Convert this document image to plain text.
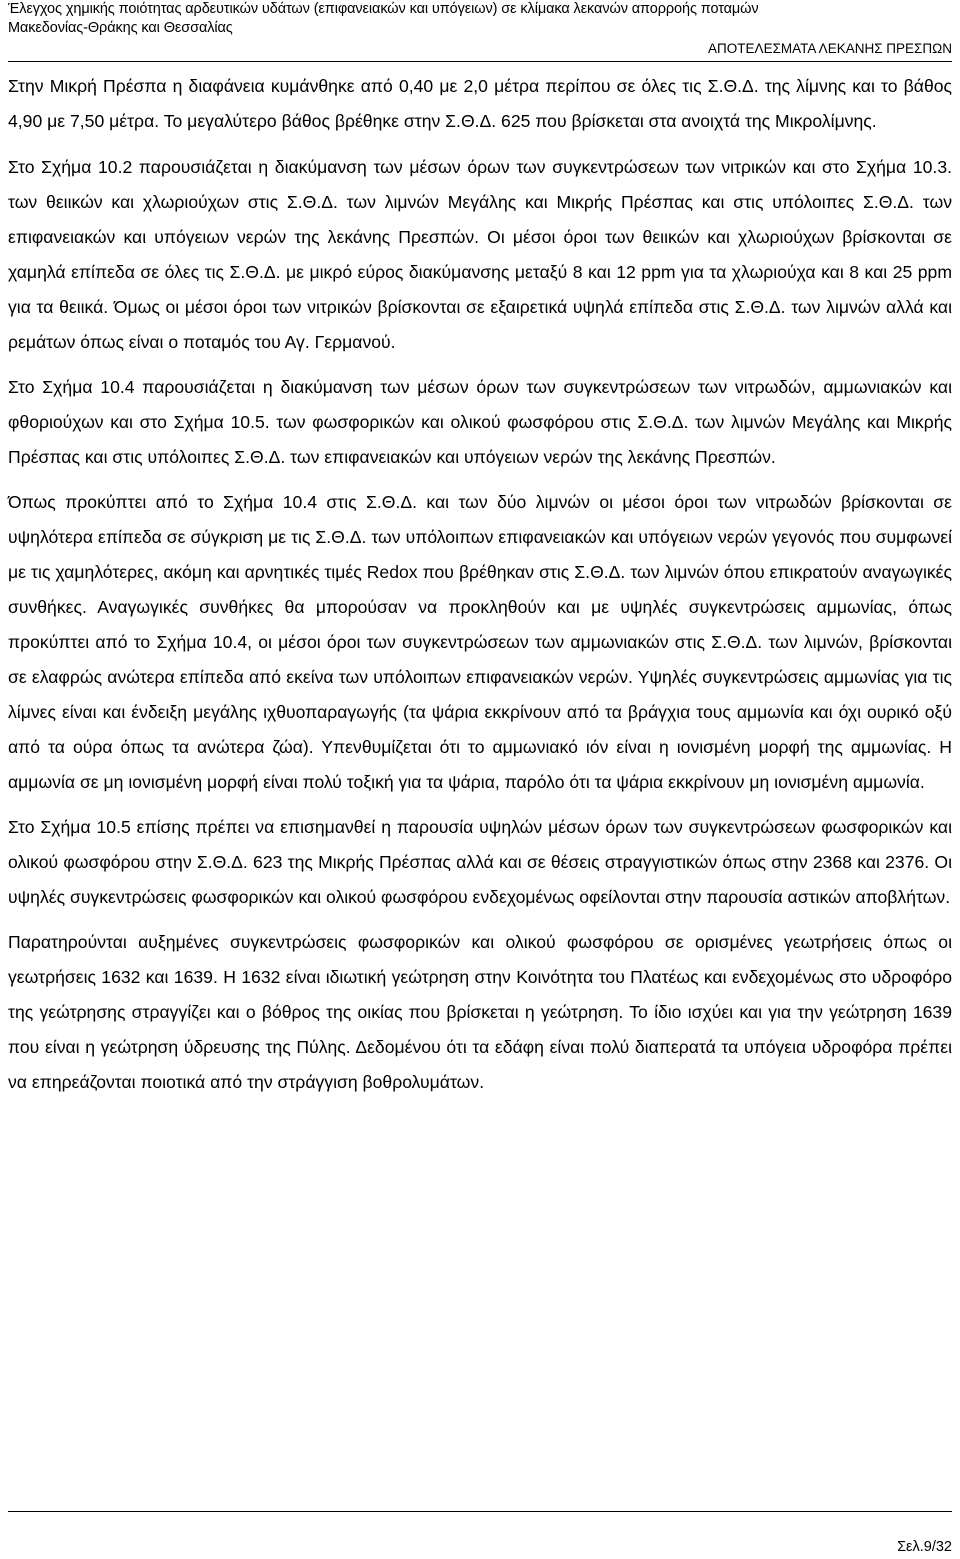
Έλεγχος χημικής ποιότητας αρδευτικών υδάτων (επιφανειακών και υπόγειων) σε κλίμακα λεκανών απορροής ποταμών
Μακεδονίας-Θράκης και Θεσσαλίας
ΑΠΟΤΕΛΕΣΜΑΤΑ ΛΕΚΑΝΗΣ ΠΡΕΣΠΩΝ

Στην Μικρή Πρέσπα η διαφάνεια κυμάνθηκε από 0,40 με 2,0 μέτρα περίπου σε όλες τις Σ.Θ.Δ. της λίμνης και το βάθος 4,90 με 7,50 μέτρα. Το μεγαλύτερο βάθος βρέθηκε στην Σ.Θ.Δ. 625 που βρίσκεται στα ανοιχτά της Μικρολίμνης.

Στο Σχήμα 10.2 παρουσιάζεται η διακύμανση των μέσων όρων των συγκεντρώσεων των νιτρικών και στο Σχήμα 10.3. των θειικών και χλωριούχων στις Σ.Θ.Δ. των λιμνών Μεγάλης και Μικρής Πρέσπας και στις υπόλοιπες Σ.Θ.Δ. των επιφανειακών και υπόγειων νερών της λεκάνης Πρεσπών. Οι μέσοι όροι των θειικών και χλωριούχων βρίσκονται σε χαμηλά επίπεδα σε όλες τις Σ.Θ.Δ. με μικρό εύρος διακύμανσης μεταξύ 8 και 12 ppm για τα χλωριούχα και 8 και 25 ppm για τα θειικά. Όμως οι μέσοι όροι των νιτρικών βρίσκονται σε εξαιρετικά υψηλά επίπεδα στις Σ.Θ.Δ. των λιμνών αλλά και ρεμάτων όπως είναι ο ποταμός του Αγ. Γερμανού.

Στο Σχήμα 10.4 παρουσιάζεται η διακύμανση των μέσων όρων των συγκεντρώσεων των νιτρωδών, αμμωνιακών και φθοριούχων και στο Σχήμα 10.5. των φωσφορικών και ολικού φωσφόρου στις Σ.Θ.Δ. των λιμνών Μεγάλης και Μικρής Πρέσπας και στις υπόλοιπες Σ.Θ.Δ. των επιφανειακών και υπόγειων νερών της λεκάνης Πρεσπών.

Όπως προκύπτει από το Σχήμα 10.4 στις Σ.Θ.Δ. και των δύο λιμνών οι μέσοι όροι των νιτρωδών βρίσκονται σε υψηλότερα επίπεδα σε σύγκριση με τις Σ.Θ.Δ. των υπόλοιπων επιφανειακών και υπόγειων νερών γεγονός που συμφωνεί με τις χαμηλότερες, ακόμη και αρνητικές τιμές Redox που βρέθηκαν στις Σ.Θ.Δ. των λιμνών όπου επικρατούν αναγωγικές συνθήκες. Αναγωγικές συνθήκες θα μπορούσαν να προκληθούν και με υψηλές συγκεντρώσεις αμμωνίας, όπως προκύπτει από το Σχήμα 10.4, οι μέσοι όροι των συγκεντρώσεων των αμμωνιακών στις Σ.Θ.Δ. των λιμνών, βρίσκονται σε ελαφρώς ανώτερα επίπεδα από εκείνα των υπόλοιπων επιφανειακών νερών. Υψηλές συγκεντρώσεις αμμωνίας για τις λίμνες είναι και ένδειξη μεγάλης ιχθυοπαραγωγής (τα ψάρια εκκρίνουν από τα βράγχια τους αμμωνία και όχι ουρικό οξύ από τα ούρα όπως τα ανώτερα ζώα). Υπενθυμίζεται ότι το αμμωνιακό ιόν είναι η ιονισμένη μορφή της αμμωνίας. Η αμμωνία σε μη ιονισμένη μορφή είναι πολύ τοξική για τα ψάρια, παρόλο ότι τα ψάρια εκκρίνουν μη ιονισμένη αμμωνία.

Στο Σχήμα 10.5 επίσης πρέπει να επισημανθεί η παρουσία υψηλών μέσων όρων των συγκεντρώσεων φωσφορικών και ολικού φωσφόρου στην Σ.Θ.Δ. 623 της Μικρής Πρέσπας αλλά και σε θέσεις στραγγιστικών όπως στην 2368 και 2376. Οι υψηλές συγκεντρώσεις φωσφορικών και ολικού φωσφόρου ενδεχομένως οφείλονται στην παρουσία αστικών αποβλήτων.

Παρατηρούνται αυξημένες συγκεντρώσεις φωσφορικών και ολικού φωσφόρου σε ορισμένες γεωτρήσεις όπως οι γεωτρήσεις 1632 και 1639. Η 1632 είναι ιδιωτική γεώτρηση στην Κοινότητα του Πλατέως και ενδεχομένως στο υδροφόρο της γεώτρησης στραγγίζει και ο βόθρος της οικίας που βρίσκεται η γεώτρηση. Το ίδιο ισχύει και για την γεώτρηση 1639 που είναι η γεώτρηση ύδρευσης της Πύλης. Δεδομένου ότι τα εδάφη είναι πολύ διαπερατά τα υπόγεια υδροφόρα πρέπει να επηρεάζονται ποιοτικά από την στράγγιση βοθρολυμάτων.

Σελ.9/32
